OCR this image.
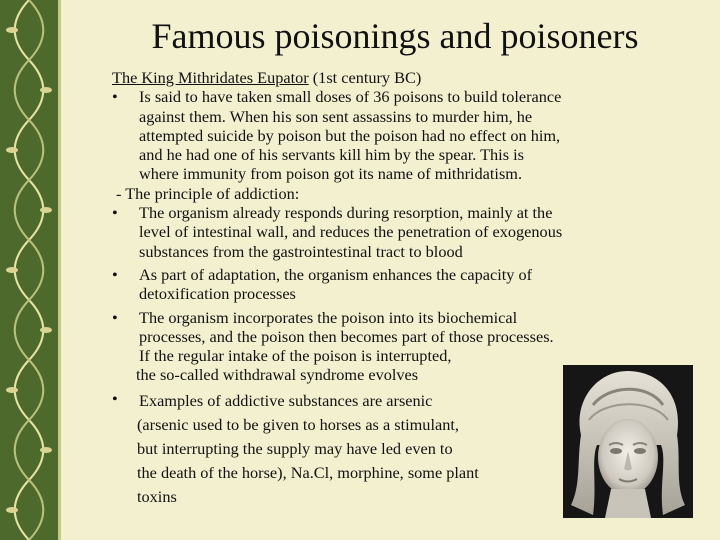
Famous poisonings and poisoners
The King Mithridates Eupator (1st century BC)
•	Is said to have taken small doses of 36 poisons to build tolerance
against them. When his son sent assassins to murder him, he
attempted suicide by poison but the poison had no effect on him,
and he had one of his servants kill him by the spear. This is
where immunity from poison got its name of mithridatism.
- The principle of addiction:
•	The organism already responds during resorption, mainly at the
level of intestinal wall, and reduces the penetration of exogenous
substances from the gastrointestinal tract to blood
•	As part of adaptation, the organism enhances the capacity of
detoxification processes
•	The organism incorporates the poison into its biochemical
processes, and the poison then becomes part of those processes.
If the regular intake of the poison is interrupted,
the so-called withdrawal syndrome evolves
•	Examples of addictive substances are arsenic
(arsenic used to be given to horses as a stimulant,
but interrupting the supply may have led even to
the death of the horse), Na.Cl, morphine, some plant
toxins
